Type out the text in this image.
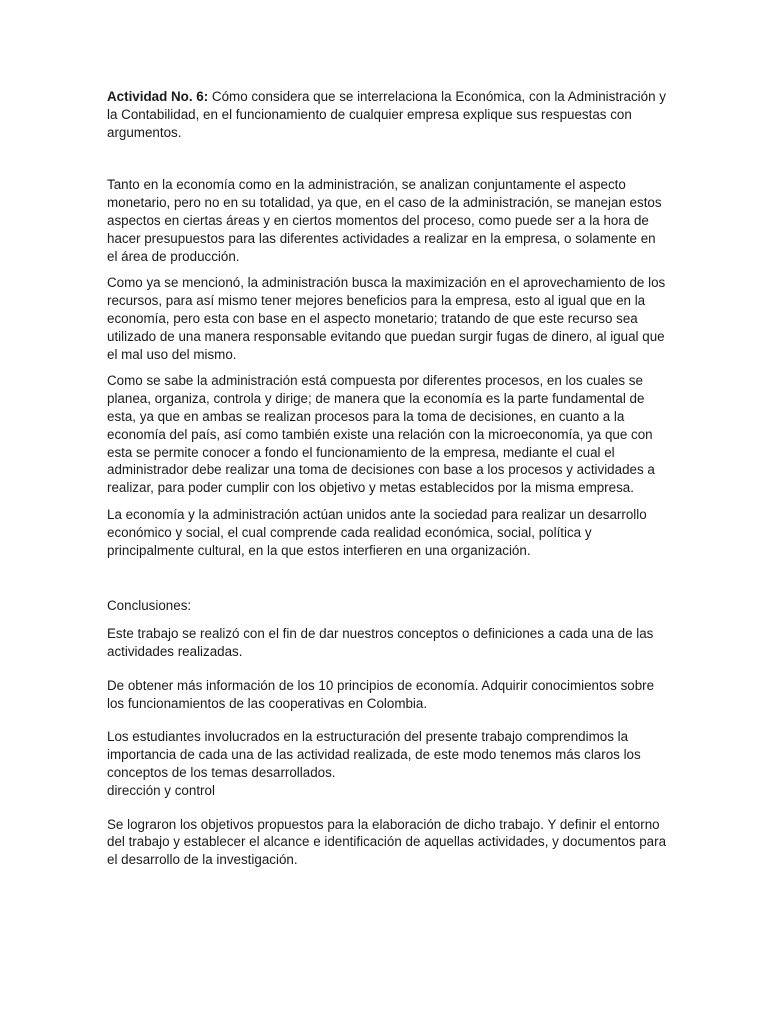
Actividad No. 6: Cómo considera que se interrelaciona la Económica, con la Administración y la Contabilidad, en el funcionamiento de cualquier empresa explique sus respuestas con argumentos.

Tanto en la economía como en la administración, se analizan conjuntamente el aspecto monetario, pero no en su totalidad, ya que, en el caso de la administración, se manejan estos aspectos en ciertas áreas y en ciertos momentos del proceso, como puede ser a la hora de hacer presupuestos para las diferentes actividades a realizar en la empresa, o solamente en el área de producción.

Como ya se mencionó, la administración busca la maximización en el aprovechamiento de los recursos, para así mismo tener mejores beneficios para la empresa, esto al igual que en la economía, pero esta con base en el aspecto monetario; tratando de que este recurso sea utilizado de una manera responsable evitando que puedan surgir fugas de dinero, al igual que el mal uso del mismo.

Como se sabe la administración está compuesta por diferentes procesos, en los cuales se planea, organiza, controla y dirige; de manera que la economía es la parte fundamental de esta, ya que en ambas se realizan procesos para la toma de decisiones, en cuanto a la economía del país, así como también existe una relación con la microeconomía, ya que con esta se permite conocer a fondo el funcionamiento de la empresa, mediante el cual el administrador debe realizar una toma de decisiones con base a los procesos y actividades a realizar, para poder cumplir con los objetivo y metas establecidos por la misma empresa.

La economía y la administración actúan unidos ante la sociedad para realizar un desarrollo económico y social, el cual comprende cada realidad económica, social, política y principalmente cultural, en la que estos interfieren en una organización.

Conclusiones:

Este trabajo se realizó con el fin de dar nuestros conceptos o definiciones a cada una de las actividades realizadas.

De obtener más información de los 10 principios de economía. Adquirir conocimientos sobre los funcionamientos de las cooperativas en Colombia.

Los estudiantes involucrados en la estructuración del presente trabajo comprendimos la importancia de cada una de las actividad realizada, de este modo tenemos más claros los conceptos de los temas desarrollados.

dirección y control

Se lograron los objetivos propuestos para la elaboración de dicho trabajo. Y definir el entorno del trabajo y establecer el alcance e identificación de aquellas actividades, y documentos para el desarrollo de la investigación.
